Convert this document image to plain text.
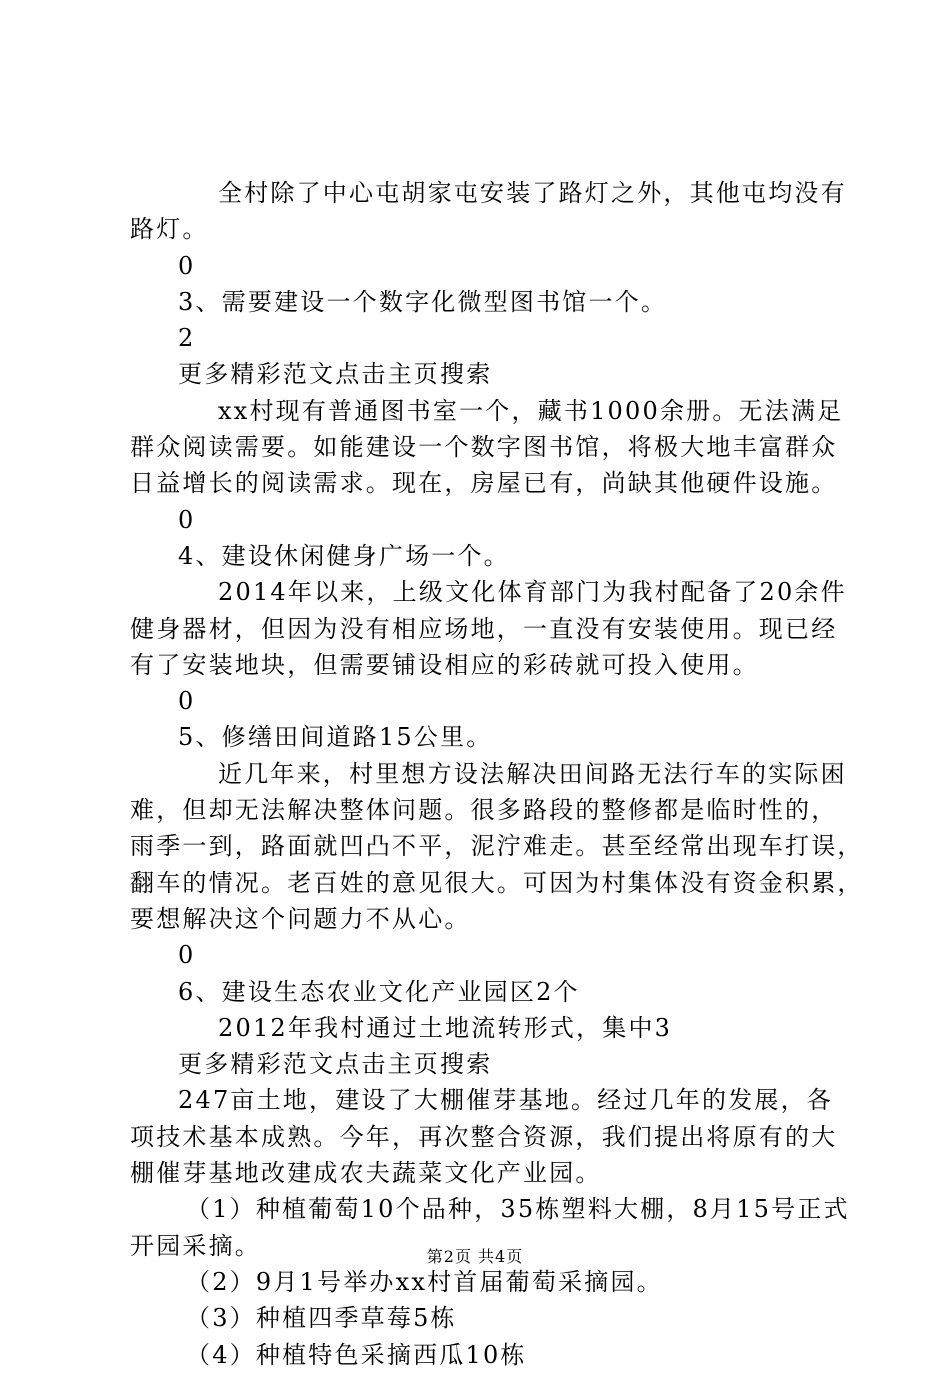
全村除了中心屯胡家屯安装了路灯之外，其他屯均没有

路灯。

0

3、需要建设一个数字化微型图书馆一个。

2

更多精彩范文点击主页搜索

xx村现有普通图书室一个，藏书1000余册。无法满足

群众阅读需要。如能建设一个数字图书馆，将极大地丰富群众

日益增长的阅读需求。现在，房屋已有，尚缺其他硬件设施。

0

4、建设休闲健身广场一个。

2014年以来，上级文化体育部门为我村配备了20余件

健身器材，但因为没有相应场地，一直没有安装使用。现已经

有了安装地块，但需要铺设相应的彩砖就可投入使用。

0

5、修缮田间道路15公里。

近几年来，村里想方设法解决田间路无法行车的实际困

难，但却无法解决整体问题。很多路段的整修都是临时性的，

雨季一到，路面就凹凸不平，泥泞难走。甚至经常出现车打误，

翻车的情况。老百姓的意见很大。可因为村集体没有资金积累，

要想解决这个问题力不从心。

0

6、建设生态农业文化产业园区2个

2012年我村通过土地流转形式，集中3

更多精彩范文点击主页搜索

247亩土地，建设了大棚催芽基地。经过几年的发展，各

项技术基本成熟。今年，再次整合资源，我们提出将原有的大

棚催芽基地改建成农夫蔬菜文化产业园。

（1）种植葡萄10个品种，35栋塑料大棚，8月15号正式

开园采摘。

（2）9月1号举办xx村首届葡萄采摘园。

（3）种植四季草莓5栋

（4）种植特色采摘西瓜10栋

第2页 共4页
